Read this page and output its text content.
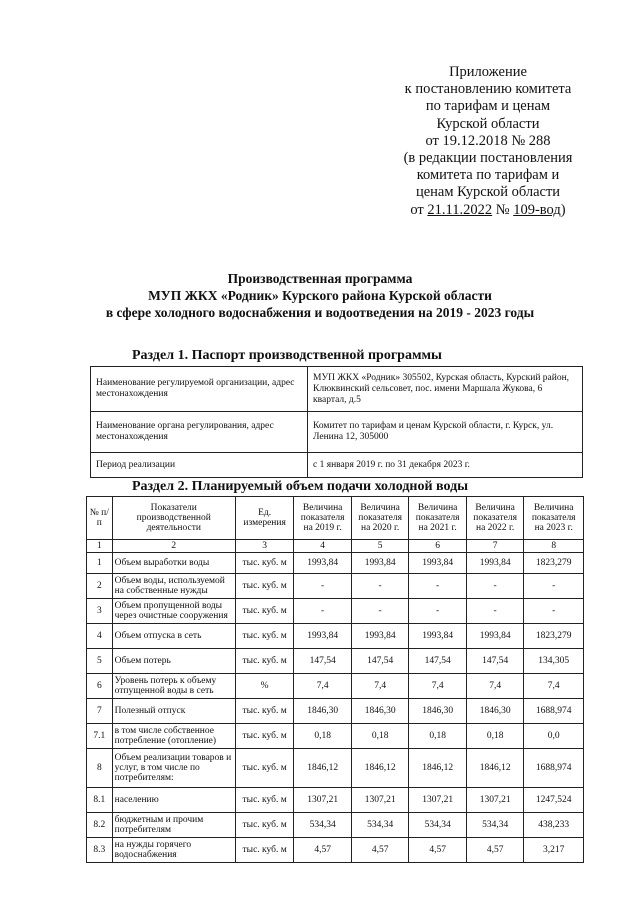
Приложение
к постановлению комитета
по тарифам и ценам
Курской области
от 19.12.2018 № 288
(в редакции постановления
комитета по тарифам и
ценам Курской области
от 21.11.2022 № 109-вод)
Производственная программа
МУП ЖКХ «Родник» Курского района Курской области
в сфере холодного водоснабжения и водоотведения на 2019 - 2023 годы
Раздел 1. Паспорт производственной программы
Наименование регулируемой организации, адрес местонахождения	МУП ЖКХ «Родник» 305502, Курская область, Курский район, Клюквинский сельсовет, пос. имени Маршала Жукова, 6 квартал, д.5
Наименование органа регулирования, адрес местонахождения	Комитет по тарифам и ценам Курской области, г. Курск, ул. Ленина 12, 305000
Период реализации	с 1 января 2019 г. по 31 декабря 2023 г.
Раздел 2. Планируемый объем подачи холодной воды
№ п/п	Показатели производственной деятельности	Ед. измерения	Величина показателя на 2019 г.	Величина показателя на 2020 г.	Величина показателя на 2021 г.	Величина показателя на 2022 г.	Величина показателя на 2023 г.
1	2	3	4	5	6	7	8
1	Объем выработки воды	тыс. куб. м	1993,84	1993,84	1993,84	1993,84	1823,279
2	Объем воды, используемой на собственные нужды	тыс. куб. м	-	-	-	-	-
3	Объем пропущенной воды через очистные сооружения	тыс. куб. м	-	-	-	-	-
4	Объем отпуска в сеть	тыс. куб. м	1993,84	1993,84	1993,84	1993,84	1823,279
5	Объем потерь	тыс. куб. м	147,54	147,54	147,54	147,54	134,305
6	Уровень потерь к объему отпущенной воды в сеть	%	7,4	7,4	7,4	7,4	7,4
7	Полезный отпуск	тыс. куб. м	1846,30	1846,30	1846,30	1846,30	1688,974
7.1	в том числе собственное потребление (отопление)	тыс. куб. м	0,18	0,18	0,18	0,18	0,0
8	Объем реализации товаров и услуг, в том числе по потребителям:	тыс. куб. м	1846,12	1846,12	1846,12	1846,12	1688,974
8.1	населению	тыс. куб. м	1307,21	1307,21	1307,21	1307,21	1247,524
8.2	бюджетным и прочим потребителям	тыс. куб. м	534,34	534,34	534,34	534,34	438,233
8.3	на нужды горячего водоснабжения	тыс. куб. м	4,57	4,57	4,57	4,57	3,217
